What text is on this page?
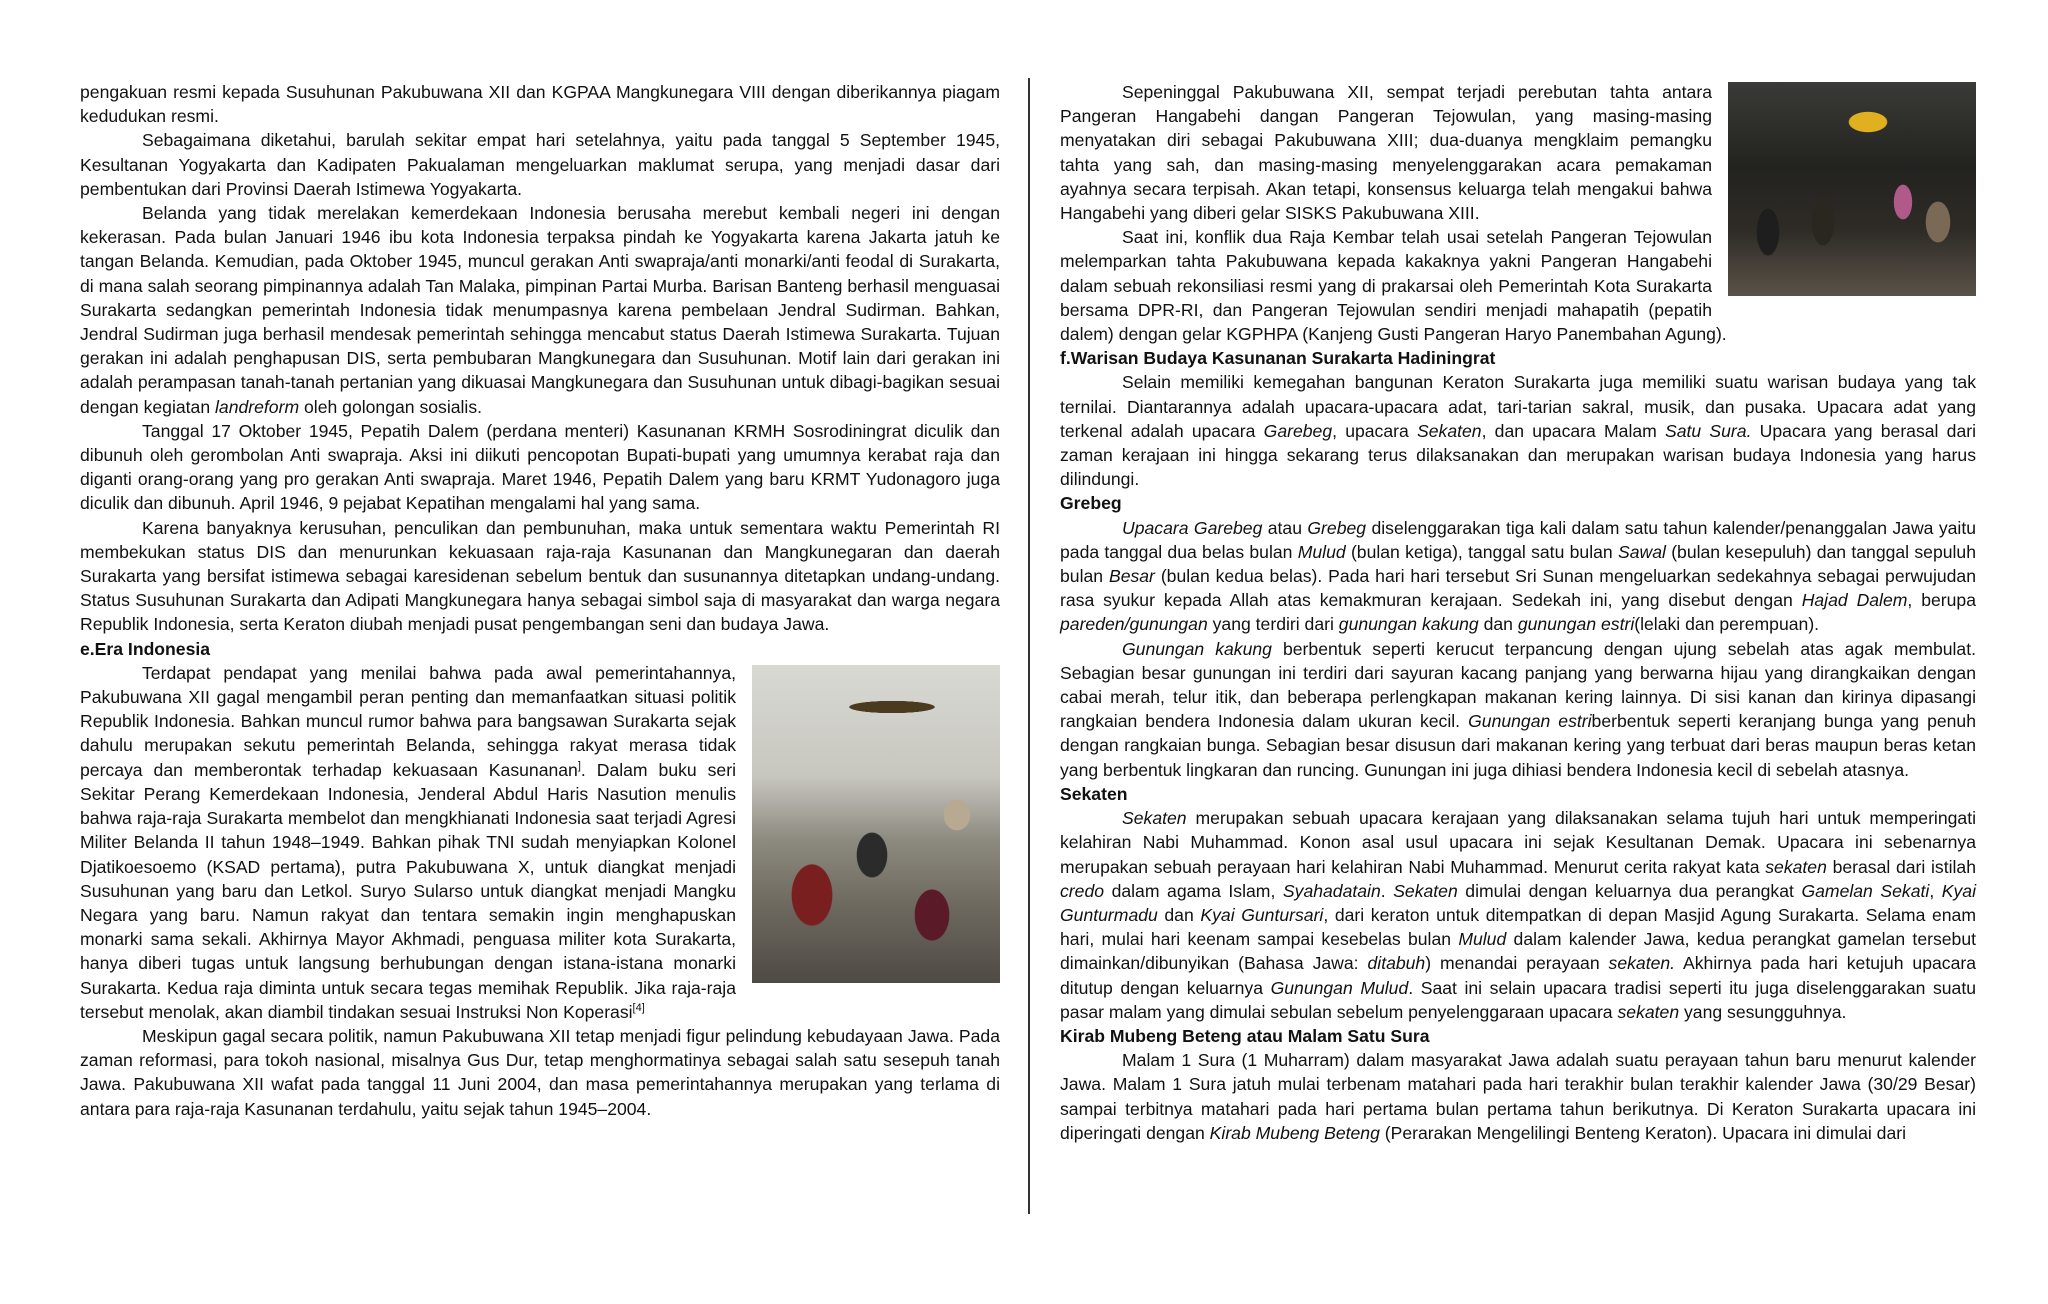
pengakuan resmi kepada Susuhunan Pakubuwana XII dan KGPAA Mangkunegara VIII dengan diberikannya piagam kedudukan resmi.

Sebagaimana diketahui, barulah sekitar empat hari setelahnya, yaitu pada tanggal 5 September 1945, Kesultanan Yogyakarta dan Kadipaten Pakualaman mengeluarkan maklumat serupa, yang menjadi dasar dari pembentukan dari Provinsi Daerah Istimewa Yogyakarta.

Belanda yang tidak merelakan kemerdekaan Indonesia berusaha merebut kembali negeri ini dengan kekerasan. Pada bulan Januari 1946 ibu kota Indonesia terpaksa pindah ke Yogyakarta karena Jakarta jatuh ke tangan Belanda. Kemudian, pada Oktober 1945, muncul gerakan Anti swapraja/anti monarki/anti feodal di Surakarta, di mana salah seorang pimpinannya adalah Tan Malaka, pimpinan Partai Murba. Barisan Banteng berhasil menguasai Surakarta sedangkan pemerintah Indonesia tidak menumpasnya karena pembelaan Jendral Sudirman. Bahkan, Jendral Sudirman juga berhasil mendesak pemerintah sehingga mencabut status Daerah Istimewa Surakarta. Tujuan gerakan ini adalah penghapusan DIS, serta pembubaran Mangkunegara dan Susuhunan. Motif lain dari gerakan ini adalah perampasan tanah-tanah pertanian yang dikuasai Mangkunegara dan Susuhunan untuk dibagi-bagikan sesuai dengan kegiatan landreform oleh golongan sosialis.

Tanggal 17 Oktober 1945, Pepatih Dalem (perdana menteri) Kasunanan KRMH Sosrodiningrat diculik dan dibunuh oleh gerombolan Anti swapraja. Aksi ini diikuti pencopotan Bupati-bupati yang umumnya kerabat raja dan diganti orang-orang yang pro gerakan Anti swapraja. Maret 1946, Pepatih Dalem yang baru KRMT Yudonagoro juga diculik dan dibunuh. April 1946, 9 pejabat Kepatihan mengalami hal yang sama.

Karena banyaknya kerusuhan, penculikan dan pembunuhan, maka untuk sementara waktu Pemerintah RI membekukan status DIS dan menurunkan kekuasaan raja-raja Kasunanan dan Mangkunegaran dan daerah Surakarta yang bersifat istimewa sebagai karesidenan sebelum bentuk dan susunannya ditetapkan undang-undang. Status Susuhunan Surakarta dan Adipati Mangkunegara hanya sebagai simbol saja di masyarakat dan warga negara Republik Indonesia, serta Keraton diubah menjadi pusat pengembangan seni dan budaya Jawa.

e.Era Indonesia

Terdapat pendapat yang menilai bahwa pada awal pemerintahannya, Pakubuwana XII gagal mengambil peran penting dan memanfaatkan situasi politik Republik Indonesia. Bahkan muncul rumor bahwa para bangsawan Surakarta sejak dahulu merupakan sekutu pemerintah Belanda, sehingga rakyat merasa tidak percaya dan memberontak terhadap kekuasaan Kasunanan]. Dalam buku seri Sekitar Perang Kemerdekaan Indonesia, Jenderal Abdul Haris Nasution menulis bahwa raja-raja Surakarta membelot dan mengkhianati Indonesia saat terjadi Agresi Militer Belanda II tahun 1948–1949. Bahkan pihak TNI sudah menyiapkan Kolonel Djatikoesoemo (KSAD pertama), putra Pakubuwana X, untuk diangkat menjadi Susuhunan yang baru dan Letkol. Suryo Sularso untuk diangkat menjadi Mangku Negara yang baru. Namun rakyat dan tentara semakin ingin menghapuskan monarki sama sekali. Akhirnya Mayor Akhmadi, penguasa militer kota Surakarta, hanya diberi tugas untuk langsung berhubungan dengan istana-istana monarki Surakarta. Kedua raja diminta untuk secara tegas memihak Republik. Jika raja-raja tersebut menolak, akan diambil tindakan sesuai Instruksi Non Koperasi[4]

Meskipun gagal secara politik, namun Pakubuwana XII tetap menjadi figur pelindung kebudayaan Jawa. Pada zaman reformasi, para tokoh nasional, misalnya Gus Dur, tetap menghormatinya sebagai salah satu sesepuh tanah Jawa. Pakubuwana XII wafat pada tanggal 11 Juni 2004, dan masa pemerintahannya merupakan yang terlama di antara para raja-raja Kasunanan terdahulu, yaitu sejak tahun 1945–2004.

Sepeninggal Pakubuwana XII, sempat terjadi perebutan tahta antara Pangeran Hangabehi dangan Pangeran Tejowulan, yang masing-masing menyatakan diri sebagai Pakubuwana XIII; dua-duanya mengklaim pemangku tahta yang sah, dan masing-masing menyelenggarakan acara pemakaman ayahnya secara terpisah. Akan tetapi, konsensus keluarga telah mengakui bahwa Hangabehi yang diberi gelar SISKS Pakubuwana XIII.

Saat ini, konflik dua Raja Kembar telah usai setelah Pangeran Tejowulan melemparkan tahta Pakubuwana kepada kakaknya yakni Pangeran Hangabehi dalam sebuah rekonsiliasi resmi yang di prakarsai oleh Pemerintah Kota Surakarta bersama DPR-RI, dan Pangeran Tejowulan sendiri menjadi mahapatih (pepatih dalem) dengan gelar KGPHPA (Kanjeng Gusti Pangeran Haryo Panembahan Agung).

f.Warisan Budaya Kasunanan Surakarta Hadiningrat

Selain memiliki kemegahan bangunan Keraton Surakarta juga memiliki suatu warisan budaya yang tak ternilai. Diantarannya adalah upacara-upacara adat, tari-tarian sakral, musik, dan pusaka. Upacara adat yang terkenal adalah upacara Garebeg, upacara Sekaten, dan upacara Malam Satu Sura. Upacara yang berasal dari zaman kerajaan ini hingga sekarang terus dilaksanakan dan merupakan warisan budaya Indonesia yang harus dilindungi.

Grebeg

Upacara Garebeg atau Grebeg diselenggarakan tiga kali dalam satu tahun kalender/penanggalan Jawa yaitu pada tanggal dua belas bulan Mulud (bulan ketiga), tanggal satu bulan Sawal (bulan kesepuluh) dan tanggal sepuluh bulan Besar (bulan kedua belas). Pada hari hari tersebut Sri Sunan mengeluarkan sedekahnya sebagai perwujudan rasa syukur kepada Allah atas kemakmuran kerajaan. Sedekah ini, yang disebut dengan Hajad Dalem, berupa pareden/gunungan yang terdiri dari gunungan kakung dan gunungan estri(lelaki dan perempuan).

Gunungan kakung berbentuk seperti kerucut terpancung dengan ujung sebelah atas agak membulat. Sebagian besar gunungan ini terdiri dari sayuran kacang panjang yang berwarna hijau yang dirangkaikan dengan cabai merah, telur itik, dan beberapa perlengkapan makanan kering lainnya. Di sisi kanan dan kirinya dipasangi rangkaian bendera Indonesia dalam ukuran kecil. Gunungan estriberbentuk seperti keranjang bunga yang penuh dengan rangkaian bunga. Sebagian besar disusun dari makanan kering yang terbuat dari beras maupun beras ketan yang berbentuk lingkaran dan runcing. Gunungan ini juga dihiasi bendera Indonesia kecil di sebelah atasnya.

Sekaten

Sekaten merupakan sebuah upacara kerajaan yang dilaksanakan selama tujuh hari untuk memperingati kelahiran Nabi Muhammad. Konon asal usul upacara ini sejak Kesultanan Demak. Upacara ini sebenarnya merupakan sebuah perayaan hari kelahiran Nabi Muhammad. Menurut cerita rakyat kata sekaten berasal dari istilah credo dalam agama Islam, Syahadatain. Sekaten dimulai dengan keluarnya dua perangkat Gamelan Sekati, Kyai Gunturmadu dan Kyai Guntursari, dari keraton untuk ditempatkan di depan Masjid Agung Surakarta. Selama enam hari, mulai hari keenam sampai kesebelas bulan Mulud dalam kalender Jawa, kedua perangkat gamelan tersebut dimainkan/dibunyikan (Bahasa Jawa: ditabuh) menandai perayaan sekaten. Akhirnya pada hari ketujuh upacara ditutup dengan keluarnya Gunungan Mulud. Saat ini selain upacara tradisi seperti itu juga diselenggarakan suatu pasar malam yang dimulai sebulan sebelum penyelenggaraan upacara sekaten yang sesungguhnya.

Kirab Mubeng Beteng atau Malam Satu Sura

Malam 1 Sura (1 Muharram) dalam masyarakat Jawa adalah suatu perayaan tahun baru menurut kalender Jawa. Malam 1 Sura jatuh mulai terbenam matahari pada hari terakhir bulan terakhir kalender Jawa (30/29 Besar) sampai terbitnya matahari pada hari pertama bulan pertama tahun berikutnya. Di Keraton Surakarta upacara ini diperingati dengan Kirab Mubeng Beteng (Perarakan Mengelilingi Benteng Keraton). Upacara ini dimulai dari
